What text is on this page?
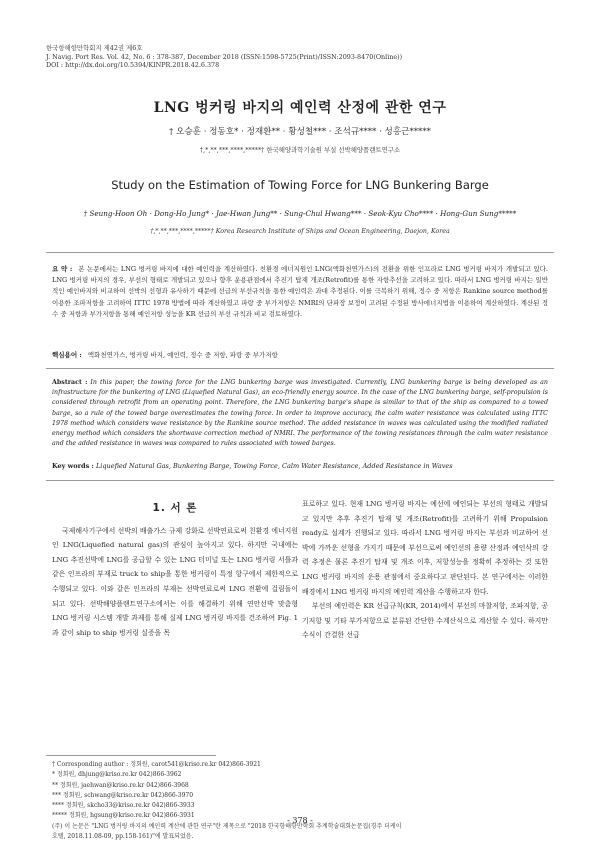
한국항해항만학회지 제42권 제6호
J. Navig. Port Res. Vol. 42, No. 6 : 378-387, December 2018 (ISSN:1598-5725(Print)/ISSN:2093-8470(Online))
DOI : http://dx.doi.org/10.5394/KINPR.2018.42.6.378
LNG 벙커링 바지의 예인력 산정에 관한 연구
† 오승훈 · 정동호* · 정재환** · 황성철*** · 조석규**** · 성홍근*****
†,*,**,***,****,*****† 한국해양과학기술원 부설 선박해양플랜트연구소
Study on the Estimation of Towing Force for LNG Bunkering Barge
† Seung-Hoon Oh · Dong-Ho Jung* · Jae-Hwan Jung** · Sung-Chul Hwang*** · Seok-Kyu Cho**** · Hong-Gun Sung*****
†,*,**,***,****,*****† Korea Research Institute of Ships and Ocean Engineering, Daejon, Korea
요 약 : 본 논문에서는 LNG 벙커링 바지에 대한 예인력을 계산하였다. 친환경 에너지원인 LNG(액화천연가스)의 전환을 위한 인프라로 LNG 벙커링 바지가 개발되고 있다. LNG 벙커링 바지의 경우, 부선의 형태로 개발되고 있으나 향후 운용관점에서 추진기 탑재 개조(Retrofit)를 통한 자항추선을 고려하고 있다. 따라서 LNG 벙커링 바지는 일반적인 예인바지와 비교하여 선박의 선형과 유사하기 때문에 선급의 부선규칙을 통한 예인력은 과대 추정된다. 이를 극복하기 위해, 정수 중 저항은 Rankine source method를 이용한 조파저항을 고려하여 ITTC 1978 방법에 따라 계산하였고 파랑 중 부가저항은 NMRI의 단파장 보정이 고려된 수정된 방사에너지법을 이용하여 계산하였다. 계산된 정수 중 저항과 부가저항을 통해 예인저항 성능을 KR 선급의 부선 규칙과 비교 검토하였다.
핵심용어 : 액화천연가스, 벙커링 바지, 예인력, 정수 중 저항, 파랑 중 부가저항
Abstract : In this paper, the towing force for the LNG bunkering barge was investigated. Currently, LNG bunkering barge is being developed as an infrastructure for the bunkering of LNG (Liquefied Natural Gas), an eco-friendly energy source. In the case of the LNG bunkering barge, self-propulsion is considered through retrofit from an operating point. Therefore, the LNG bunkering barge's shape is similar to that of the ship as compared to a towed barge, so a rule of the towed barge overestimates the towing force. In order to improve accuracy, the calm water resistance was calculated using ITTC 1978 method which considers wave resistance by the Rankine source method. The added resistance in waves was calculated using the modified radiated energy method which considers the shortwave correction method of NMRI. The performance of the towing resistances through the calm water resistance and the added resistance in waves was compared to rules associated with towed barges.
Key words : Liquefied Natural Gas, Bunkering Barge, Towing Force, Calm Water Resistance, Added Resistance in Waves
1. 서 론

국제해사기구에서 선박의 배출가스 규제 강화로 선박연료로써 친환경 에너지원인 LNG(Liquefied natural gas)의 관심이 높아지고 있다. 하지만 국내에는 LNG 추진선박에 LNG를 공급할 수 있는 LNG 터미널 또는 LNG 벙커링 서틀과 같은 인프라의 부재로 truck to ship을 통한 벙커링이 특정 항구에서 제한적으로 수행되고 있다. 이와 같은 인프라의 부재는 선박연료로써 LNG 전환에 걸림돌이 되고 있다. 선박해양플랜트연구소에서는 이를 해결하기 위해 연안선박 맞춤형 LNG 벙커링 시스템 개발 과제를 통해 실제 LNG 벙커링 바지를 건조하여 Fig. 1과 같이 ship to ship 벙커링 실증을 목

표로하고 있다. 현재 LNG 벙커링 바지는 예선에 예인되는 부선의 형태로 개발되고 있지만 추후 추진기 탑재 및 개조(Retrofit)를 고려하기 위해 Propulsion ready로 설계가 진행되고 있다. 따라서 LNG 벙커링 바지는 부선과 비교하여 선박에 가까운 선형을 가지기 때문에 부선으로써 예인선의 용량 산정과 예인삭의 강력 추정은 물론 추진기 탑재 및 개조 이후, 저항성능을 정확히 추정하는 것 또한 LNG 벙커링 바지의 운용 관점에서 중요하다고 판단된다. 본 연구에서는 이러한 배경에서 LNG 벙커링 바지의 예인력 계산을 수행하고자 한다.

부선의 예인력은 KR 선급규칙(KR, 2014)에서 부선의 마찰저항, 조파저항, 공기저항 및 기타 부가저항으로 분류된 간단한 수계산식으로 계산할 수 있다. 하지만 수식이 간결한 선급

† Corresponding author : 정회원, carot541@kriso.re.kr 042)866-3921
* 정회원, dhjung@kriso.re.kr 042)866-3962
** 정회원, jaehwan@kriso.re.kr 042)866-3968
*** 정회원, schwang@kriso.re.kr 042)866-3970
**** 정회원, skcho33@kriso.re.kr 042)866-3933
***** 정회원, hgsung@kriso.re.kr 042)866-3931
(주) 이 논문은 "LNG 벙커링 바지의 예인력 계산에 관한 연구"란 제목으로 "2018 한국항해항만학회 추계학술대회논문집(경주 더케이
호텔, 2018.11.08-09, pp.158-161)"에 발표되었음.
- 378 -
